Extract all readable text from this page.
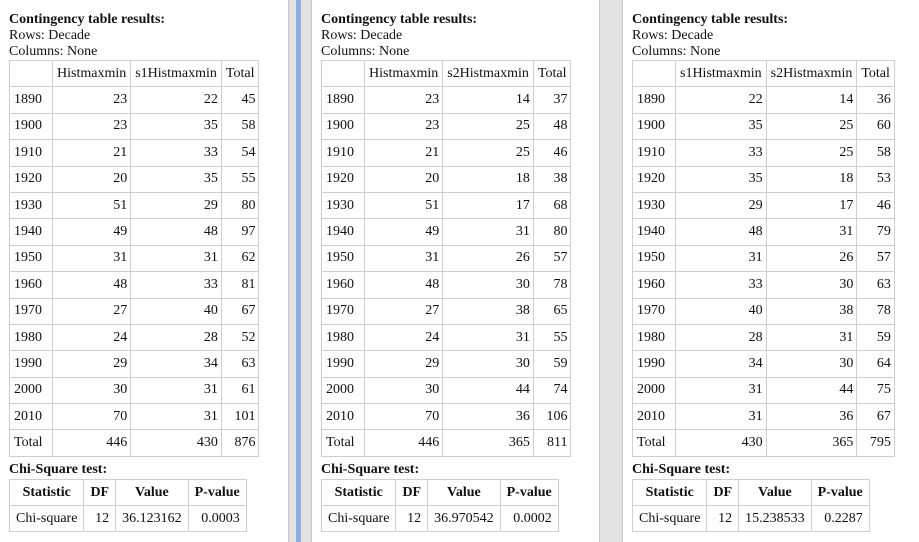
Contingency table results:
Rows: Decade
Columns: None
	Histmaxmin	s1Histmaxmin	Total
1890	23	22	45
1900	23	35	58
1910	21	33	54
1920	20	35	55
1930	51	29	80
1940	49	48	97
1950	31	31	62
1960	48	33	81
1970	27	40	67
1980	24	28	52
1990	29	34	63
2000	30	31	61
2010	70	31	101
Total	446	430	876
Chi-Square test:
Statistic	DF	Value	P-value
Chi-square	12	36.123162	0.0003
Contingency table results:
Rows: Decade
Columns: None
	Histmaxmin	s2Histmaxmin	Total
1890	23	14	37
1900	23	25	48
1910	21	25	46
1920	20	18	38
1930	51	17	68
1940	49	31	80
1950	31	26	57
1960	48	30	78
1970	27	38	65
1980	24	31	55
1990	29	30	59
2000	30	44	74
2010	70	36	106
Total	446	365	811
Chi-Square test:
Statistic	DF	Value	P-value
Chi-square	12	36.970542	0.0002
Contingency table results:
Rows: Decade
Columns: None
	s1Histmaxmin	s2Histmaxmin	Total
1890	22	14	36
1900	35	25	60
1910	33	25	58
1920	35	18	53
1930	29	17	46
1940	48	31	79
1950	31	26	57
1960	33	30	63
1970	40	38	78
1980	28	31	59
1990	34	30	64
2000	31	44	75
2010	31	36	67
Total	430	365	795
Chi-Square test:
Statistic	DF	Value	P-value
Chi-square	12	15.238533	0.2287
